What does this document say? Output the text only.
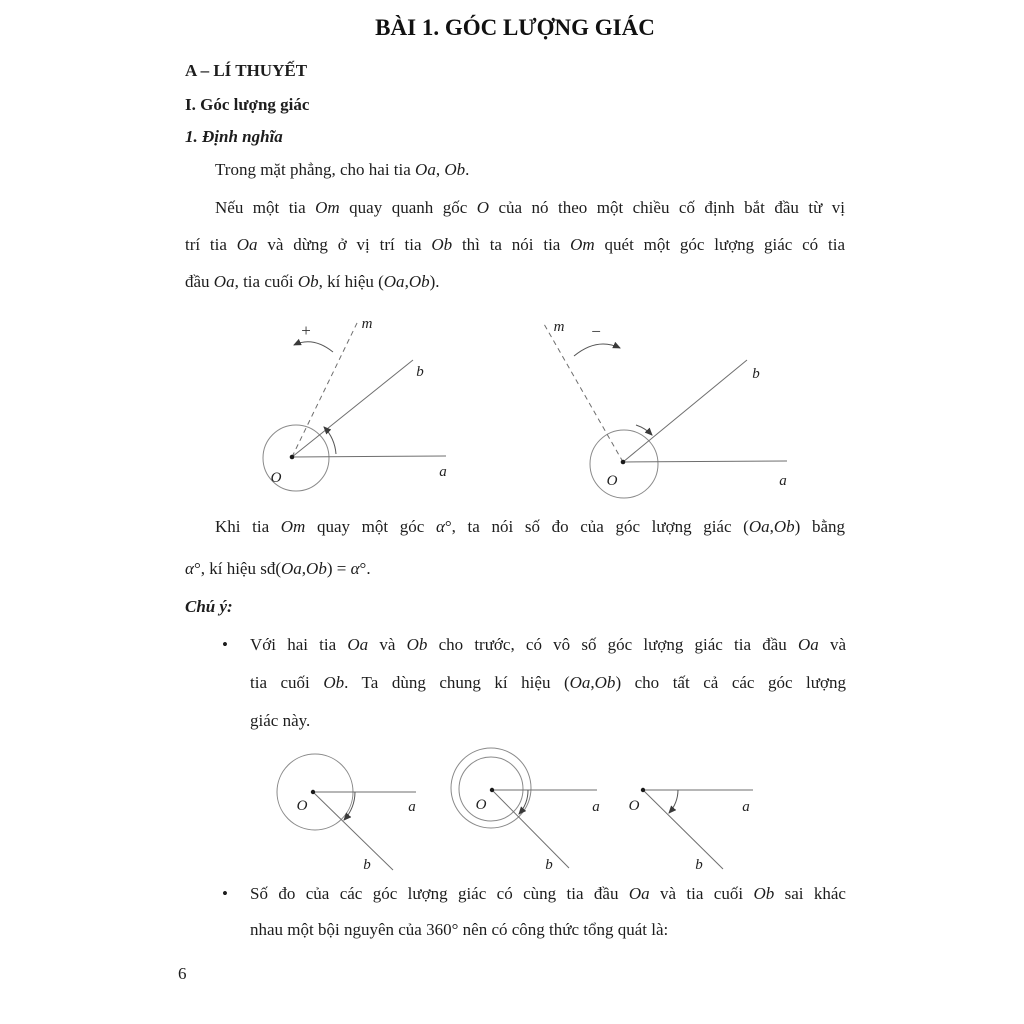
BÀI 1. GÓC LƯỢNG GIÁC
A – LÍ THUYẾT
I. Góc lượng giác
1. Định nghĩa
Trong mặt phẳng, cho hai tia Oa, Ob.
Nếu một tia Om quay quanh gốc O của nó theo một chiều cố định bắt đầu từ vị
trí tia Oa và dừng ở vị trí tia Ob thì ta nói tia Om quét một góc lượng giác có tia
đầu Oa, tia cuối Ob, kí hiệu (Oa,Ob).
O	a
b
m
+
O	a
b
m −
Khi tia Om quay một góc α°, ta nói số đo của góc lượng giác (Oa,Ob) bằng
α°, kí hiệu sđ(Oa,Ob) = α°.
Chú ý:
• Với hai tia Oa và Ob cho trước, có vô số góc lượng giác tia đầu Oa và
tia cuối Ob. Ta dùng chung kí hiệu (Oa,Ob) cho tất cả các góc lượng
giác này.
O	a
b
O	a
b
O	a
b
• Số đo của các góc lượng giác có cùng tia đầu Oa và tia cuối Ob sai khác
nhau một bội nguyên của 360° nên có công thức tổng quát là:
6
